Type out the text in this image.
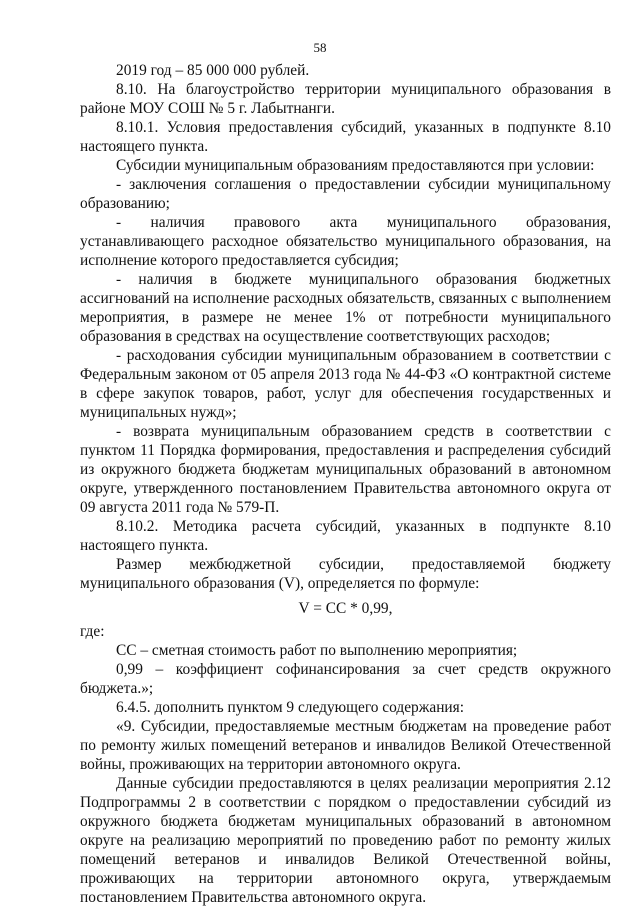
58

2019 год – 85 000 000 рублей.

8.10. На благоустройство территории муниципального образования в районе МОУ СОШ № 5 г. Лабытнанги.

8.10.1. Условия предоставления субсидий, указанных в подпункте 8.10 настоящего пункта.

Субсидии муниципальным образованиям предоставляются при условии:

- заключения соглашения о предоставлении субсидии муниципальному образованию;

- наличия правового акта муниципального образования, устанавливающего расходное обязательство муниципального образования, на исполнение которого предоставляется субсидия;

- наличия в бюджете муниципального образования бюджетных ассигнований на исполнение расходных обязательств, связанных с выполнением мероприятия, в размере не менее 1% от потребности муниципального образования в средствах на осуществление соответствующих расходов;

- расходования субсидии муниципальным образованием в соответствии с Федеральным законом от 05 апреля 2013 года № 44-ФЗ «О контрактной системе в сфере закупок товаров, работ, услуг для обеспечения государственных и муниципальных нужд»;

- возврата муниципальным образованием средств в соответствии с пунктом 11 Порядка формирования, предоставления и распределения субсидий из окружного бюджета бюджетам муниципальных образований в автономном округе, утвержденного постановлением Правительства автономного округа от 09 августа 2011 года № 579-П.

8.10.2. Методика расчета субсидий, указанных в подпункте 8.10 настоящего пункта.

Размер межбюджетной субсидии, предоставляемой бюджету муниципального образования (V), определяется по формуле:

V = CC * 0,99,

где:

СС – сметная стоимость работ по выполнению мероприятия;

0,99 – коэффициент софинансирования за счет средств окружного бюджета.»;

6.4.5. дополнить пунктом 9 следующего содержания:

«9. Субсидии, предоставляемые местным бюджетам на проведение работ по ремонту жилых помещений ветеранов и инвалидов Великой Отечественной войны, проживающих на территории автономного округа.

Данные субсидии предоставляются в целях реализации мероприятия 2.12 Подпрограммы 2 в соответствии с порядком о предоставлении субсидий из окружного бюджета бюджетам муниципальных образований в автономном округе на реализацию мероприятий по проведению работ по ремонту жилых помещений ветеранов и инвалидов Великой Отечественной войны, проживающих на территории автономного округа, утверждаемым постановлением Правительства автономного округа.
